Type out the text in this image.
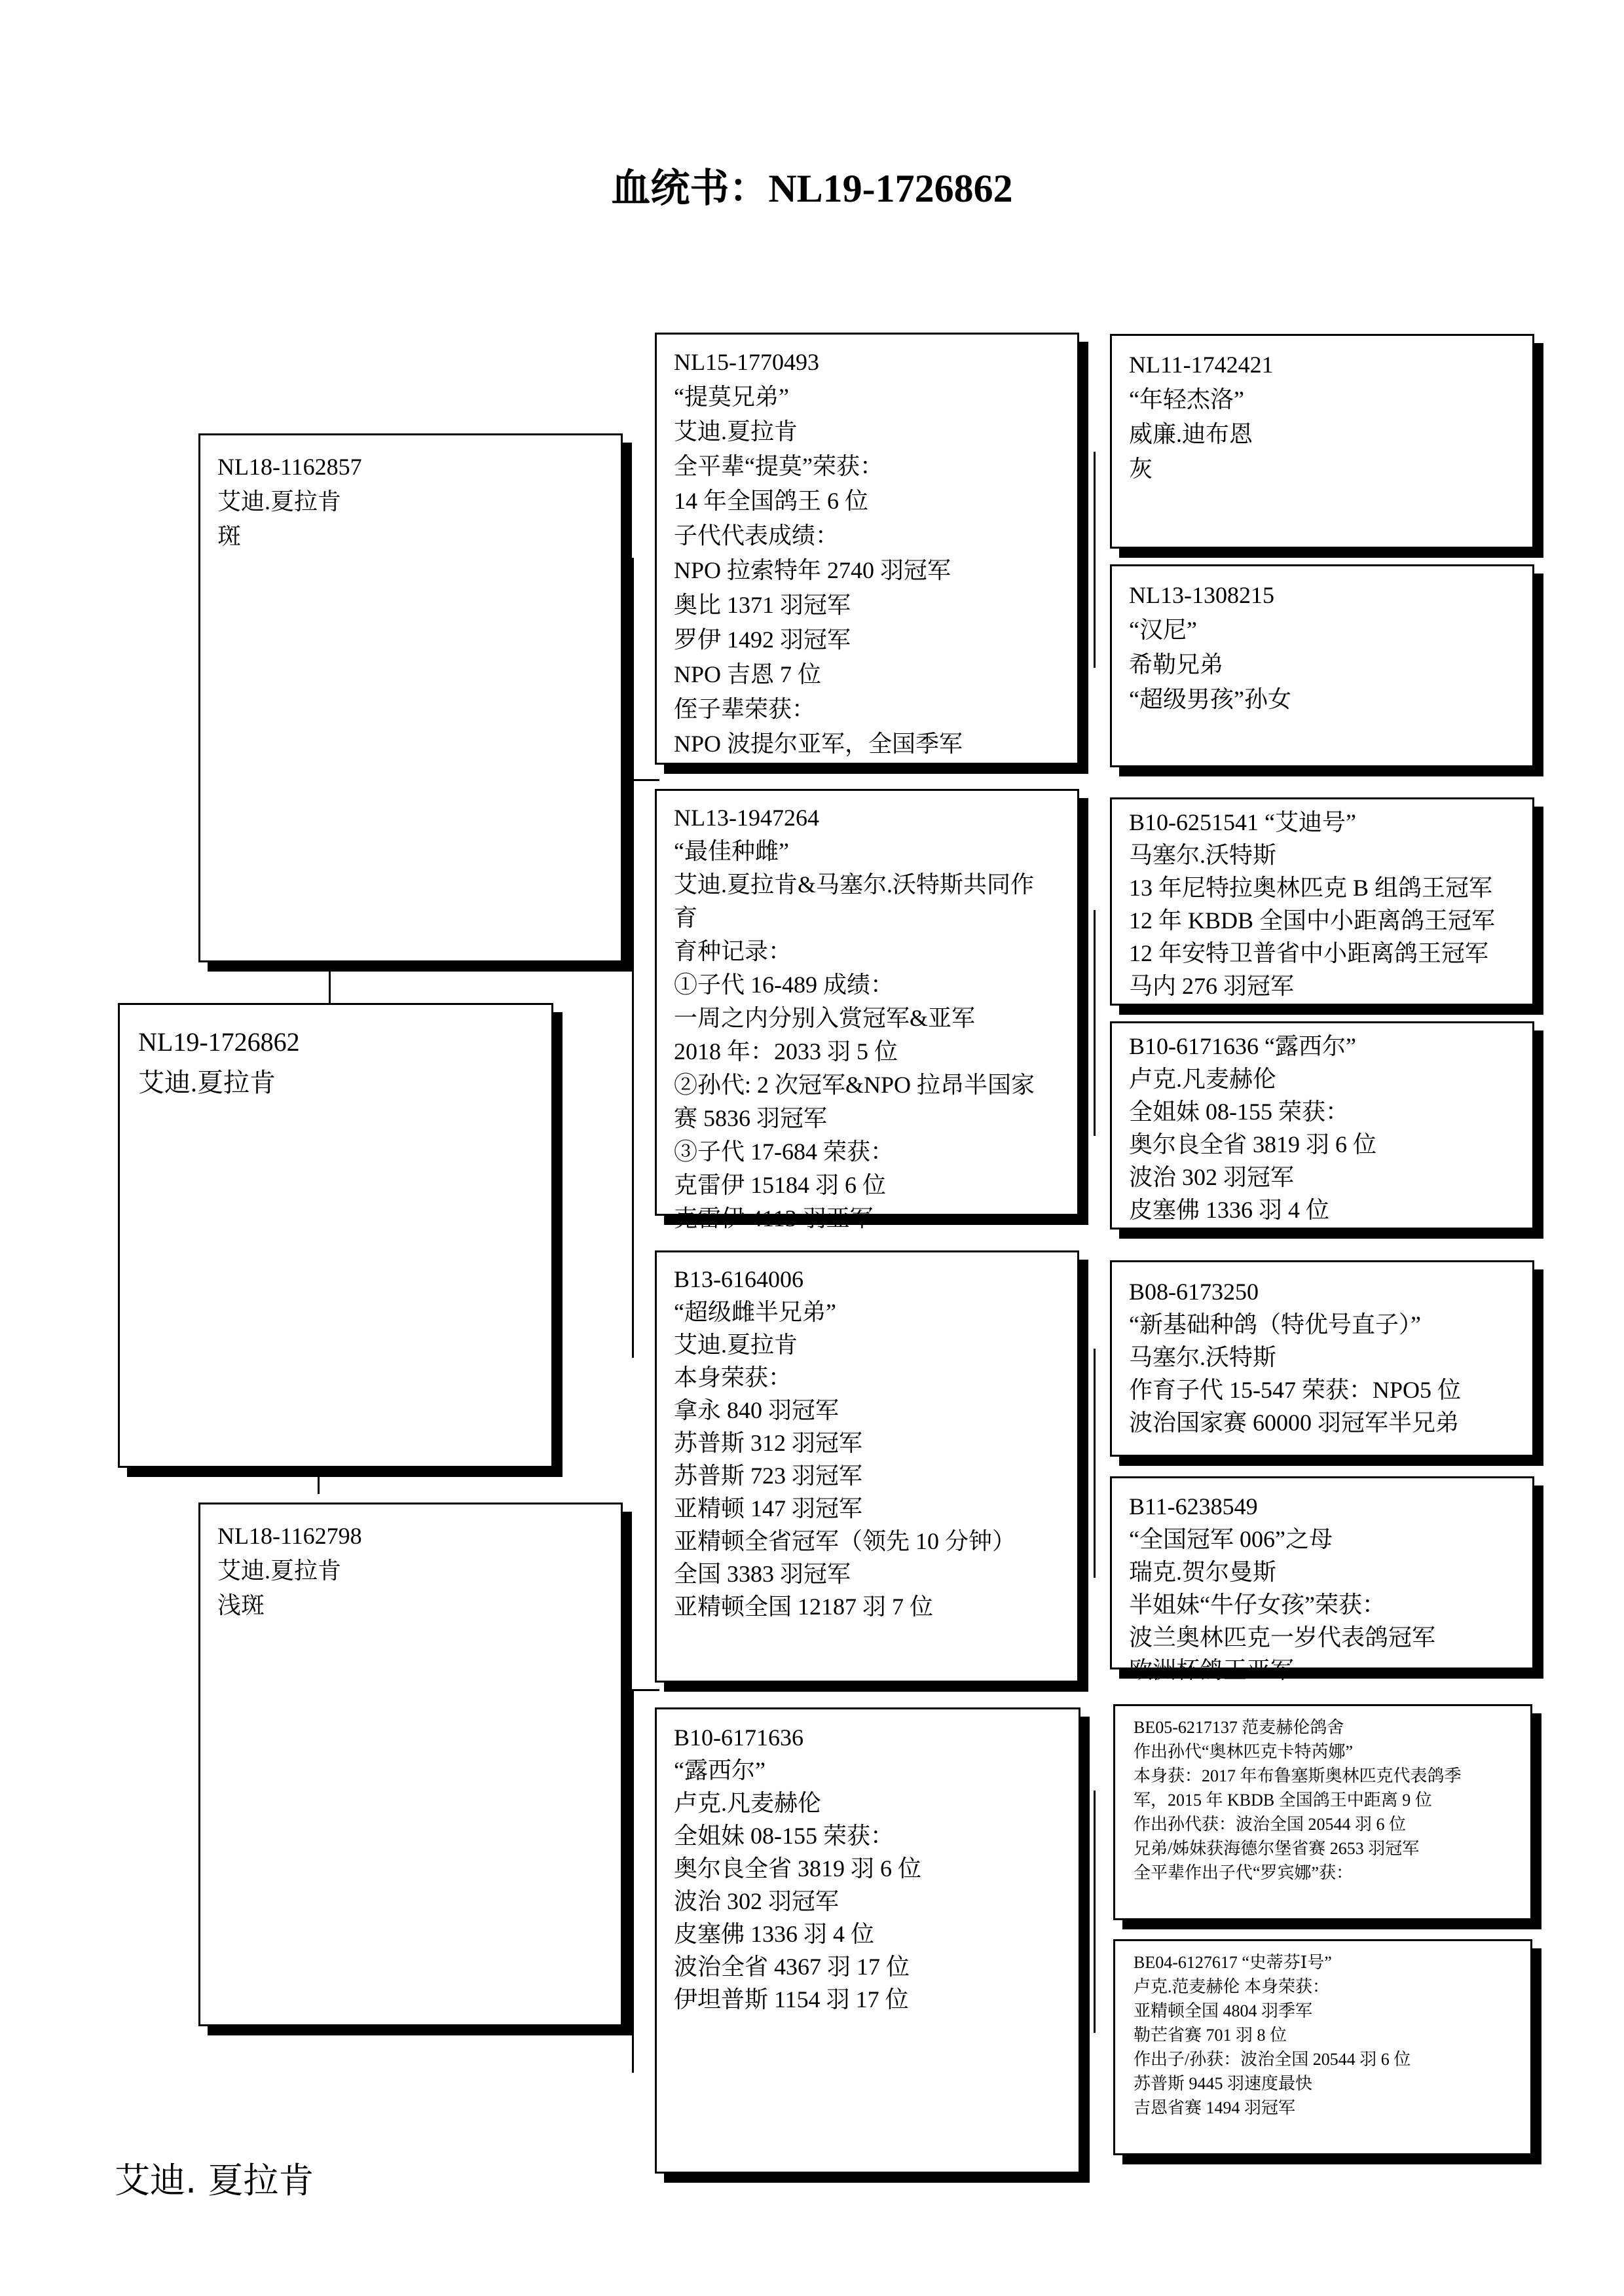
血统书：NL19-1726862
NL19-1726862
艾迪.夏拉肯
NL18-1162857
艾迪.夏拉肯
斑
NL18-1162798
艾迪.夏拉肯
浅斑
NL15-1770493
“提莫兄弟”
艾迪.夏拉肯
全平辈“提莫”荣获：
14 年全国鸽王 6 位
子代代表成绩：
NPO 拉索特年 2740 羽冠军
奥比 1371 羽冠军
罗伊 1492 羽冠军
NPO 吉恩 7 位
侄子辈荣获：
NPO 波提尔亚军，全国季军
NL13-1947264
“最佳种雌”
艾迪.夏拉肯&马塞尔.沃特斯共同作
育
育种记录：
①子代 16-489 成绩：
一周之内分别入赏冠军&亚军
2018 年：2033 羽 5 位
②孙代: 2 次冠军&NPO 拉昂半国家
赛 5836 羽冠军
③子代 17-684 荣获：
克雷伊 15184 羽 6 位
克雷伊 4113 羽亚军
B13-6164006
“超级雌半兄弟”
艾迪.夏拉肯
本身荣获：
拿永 840 羽冠军
苏普斯 312 羽冠军
苏普斯 723 羽冠军
亚精顿 147 羽冠军
亚精顿全省冠军（领先 10 分钟）
全国 3383 羽冠军
亚精顿全国 12187 羽 7 位
B10-6171636
“露西尔”
卢克.凡麦赫伦
全姐妹 08-155 荣获：
奥尔良全省 3819 羽 6 位
波治 302 羽冠军
皮塞佛 1336 羽 4 位
波治全省 4367 羽 17 位
伊坦普斯 1154 羽 17 位
NL11-1742421
“年轻杰洛”
威廉.迪布恩
灰
NL13-1308215
“汉尼”
希勒兄弟
“超级男孩”孙女
B10-6251541 “艾迪号”
马塞尔.沃特斯
13 年尼特拉奥林匹克 B 组鸽王冠军
12 年 KBDB 全国中小距离鸽王冠军
12 年安特卫普省中小距离鸽王冠军
马内 276 羽冠军
B10-6171636 “露西尔”
卢克.凡麦赫伦
全姐妹 08-155 荣获：
奥尔良全省 3819 羽 6 位
波治 302 羽冠军
皮塞佛 1336 羽 4 位
B08-6173250
“新基础种鸽（特优号直子）”
马塞尔.沃特斯
作育子代 15-547 荣获：NPO5 位
波治国家赛 60000 羽冠军半兄弟
B11-6238549
“全国冠军 006”之母
瑞克.贺尔曼斯
半姐妹“牛仔女孩”荣获：
波兰奥林匹克一岁代表鸽冠军
欧洲杯鸽王亚军
BE05-6217137 范麦赫伦鸽舍
作出孙代“奥林匹克卡特芮娜”
本身获：2017 年布鲁塞斯奥林匹克代表鸽季
军，2015 年 KBDB 全国鸽王中距离 9 位
作出孙代获：波治全国 20544 羽 6 位
兄弟/姊妹获海德尔堡省赛 2653 羽冠军
全平辈作出子代“罗宾娜”获：
BE04-6127617 “史蒂芬Ⅰ号”
卢克.范麦赫伦 本身荣获：
亚精顿全国 4804 羽季军
勒芒省赛 701 羽 8 位
作出子/孙获：波治全国 20544 羽 6 位
苏普斯 9445 羽速度最快
吉恩省赛 1494 羽冠军
艾迪. 夏拉肯
